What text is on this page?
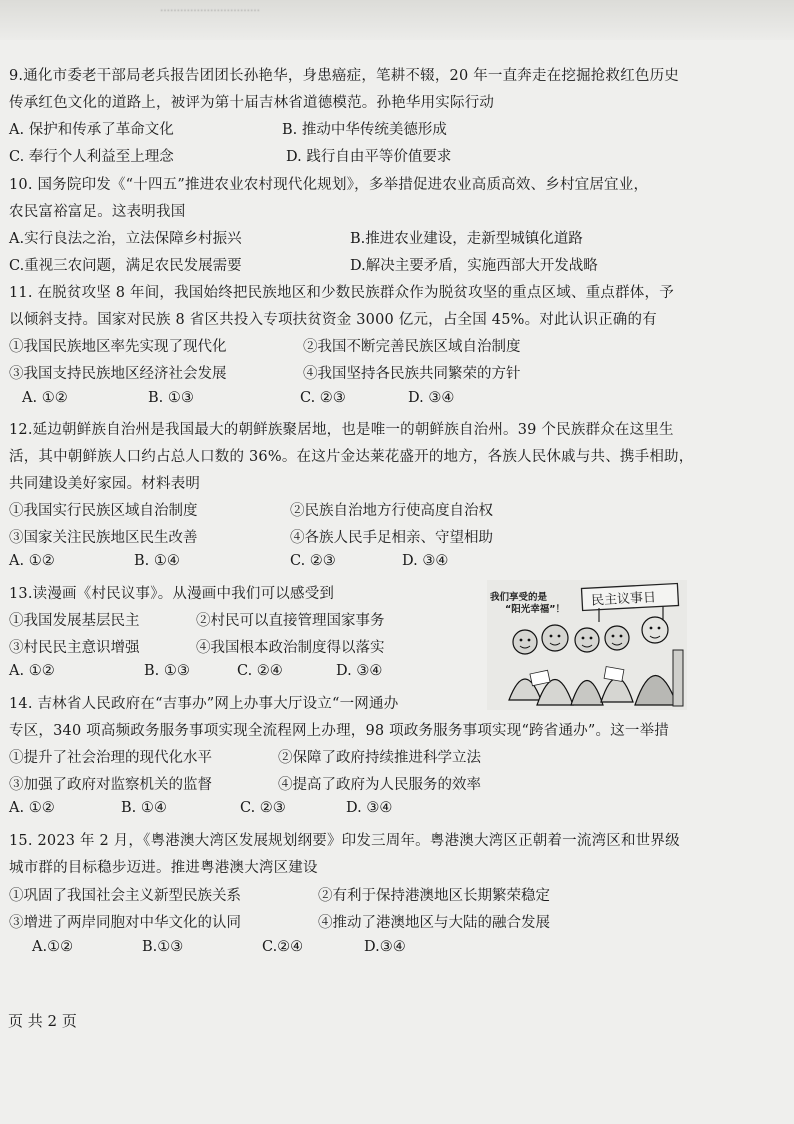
…………………………
9.通化市委老干部局老兵报告团团长孙艳华，身患癌症，笔耕不辍，20 年一直奔走在挖掘抢救红色历史
传承红色文化的道路上，被评为第十届吉林省道德模范。孙艳华用实际行动
A. 保护和传承了革命文化	B. 推动中华传统美德形成
C. 奉行个人利益至上理念	D. 践行自由平等价值要求
10. 国务院印发《“十四五”推进农业农村现代化规划》，多举措促进农业高质高效、乡村宜居宜业，
农民富裕富足。这表明我国
A.实行良法之治，立法保障乡村振兴	B.推进农业建设，走新型城镇化道路
C.重视三农问题，满足农民发展需要	D.解决主要矛盾，实施西部大开发战略
11. 在脱贫攻坚 8 年间，我国始终把民族地区和少数民族群众作为脱贫攻坚的重点区域、重点群体，予
以倾斜支持。国家对民族 8 省区共投入专项扶贫资金 3000 亿元，占全国 45%。对此认识正确的有
①我国民族地区率先实现了现代化	②我国不断完善民族区域自治制度
③我国支持民族地区经济社会发展	④我国坚持各民族共同繁荣的方针
A. ①②	B. ①③	C. ②③	D. ③④
12.延边朝鲜族自治州是我国最大的朝鲜族聚居地，也是唯一的朝鲜族自治州。39 个民族群众在这里生
活，其中朝鲜族人口约占总人口数的 36%。在这片金达莱花盛开的地方，各族人民休戚与共、携手相助，
共同建设美好家园。材料表明
①我国实行民族区域自治制度	②民族自治地方行使高度自治权
③国家关注民族地区民生改善	④各族人民手足相亲、守望相助
A. ①②	B. ①④	C. ②③	D. ③④
13.读漫画《村民议事》。从漫画中我们可以感受到
①我国发展基层民主	②村民可以直接管理国家事务
③村民民主意识增强	④我国根本政治制度得以落实
A. ①②	B. ①③	C. ②④	D. ③④
我们享受的是
“阳光幸福”！
民主议事日
14. 吉林省人民政府在“吉事办”网上办事大厅设立“一网通办
专区，340 项高频政务服务事项实现全流程网上办理，98 项政务服务事项实现“跨省通办”。这一举措
①提升了社会治理的现代化水平	②保障了政府持续推进科学立法
③加强了政府对监察机关的监督	④提高了政府为人民服务的效率
A. ①②	B. ①④	C. ②③	D. ③④
15. 2023 年 2 月，《粤港澳大湾区发展规划纲要》印发三周年。粤港澳大湾区正朝着一流湾区和世界级
城市群的目标稳步迈进。推进粤港澳大湾区建设
①巩固了我国社会主义新型民族关系	②有利于保持港澳地区长期繁荣稳定
③增进了两岸同胞对中华文化的认同	④推动了港澳地区与大陆的融合发展
A.①②	B.①③	C.②④	D.③④
页 共 2 页
